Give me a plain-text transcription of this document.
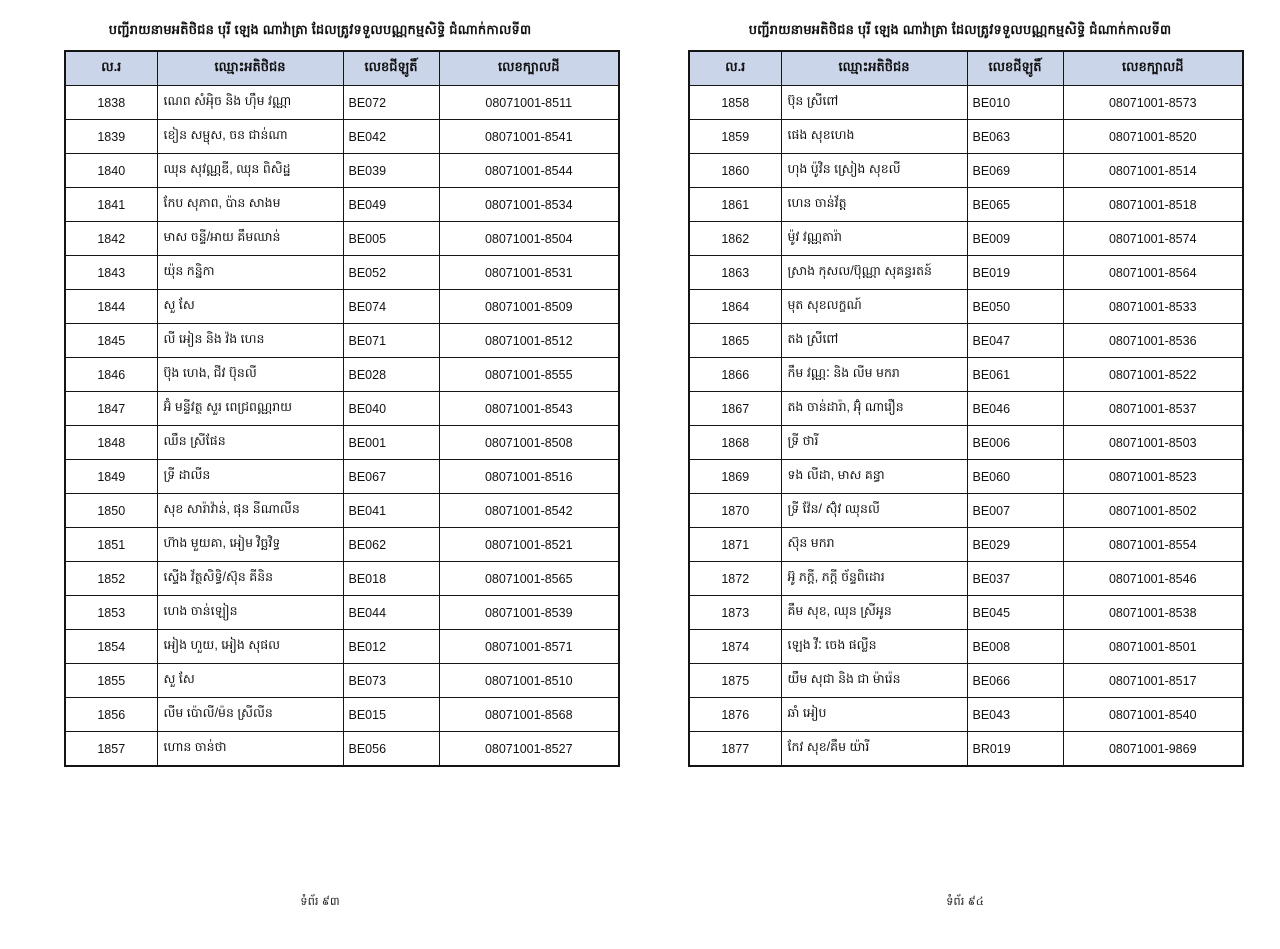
បញ្ជីរាយនាមអតិថិជន បុរី ឡេង ណាវ៉ាត្រា ដែលត្រូវទទួលបណ្ណកម្មសិទ្ធិ ជំណាក់កាលទី៣
ល.រ	ឈ្មោះអតិថិជន	លេខជីឡូតិ៍	លេខក្បាលដី
1838	ណេព សំអុិច និង ហុឹម វណ្ណា	BE072	08071001-8511
1839	ខៀន សម្ផុស, ចន ជាន់ណា	BE042	08071001-8541
1840	ឈុន សុវណ្ណឌី, ឈុន ពិសិដ្ឋ	BE039	08071001-8544
1841	កែប សុភាព, ប៉ាន សាងម	BE049	08071001-8534
1842	មាស ចន្ទី/អាយ គឹមឈាន់	BE005	08071001-8504
1843	យ៉ុន កន្និកា	BE052	08071001-8531
1844	សួ សែ	BE074	08071001-8509
1845	លី អៀន និង វ៉ង ហេន	BE071	08071001-8512
1846	ប៊ុង ហេង, ជីវ ប៊ុនលី	BE028	08071001-8555
1847	អ៊ំ មន្ទីវត្ថ សួរ ពេជ្រពណ្ណរាយ	BE040	08071001-8543
1848	ឈឹន ស្រីផែន	BE001	08071001-8508
1849	ទ្រី ដាលីន	BE067	08071001-8516
1850	សុខ សារ៉ាវ៉ាន់, ផុន នីណាលីន	BE041	08071001-8542
1851	ហ៊ាង មួយគា, អៀម វិច្ឆវិទ្ធ	BE062	08071001-8521
1852	ស្ទើង វ័ត្ថសិទ្ធិ/ស៊ុន គីនិន	BE018	08071001-8565
1853	ហេង ចាន់ឡៀន	BE044	08071001-8539
1854	អៀង ហួយ, អៀង សុផល	BE012	08071001-8571
1855	សួ សែ	BE073	08071001-8510
1856	លីម ប៉ោលី/ម៉ន ស្រីលីន	BE015	08071001-8568
1857	ហោន ចាន់ថា	BE056	08071001-8527
ទំព័រ ៩៣
បញ្ជីរាយនាមអតិថិជន បុរី ឡេង ណាវ៉ាត្រា ដែលត្រូវទទួលបណ្ណកម្មសិទ្ធិ ជំណាក់កាលទី៣
ល.រ	ឈ្មោះអតិថិជន	លេខជីឡូតិ៍	លេខក្បាលដី
1858	ប៊ុន ស្រីពៅ	BE010	08071001-8573
1859	ផេង សុខហេង	BE063	08071001-8520
1860	ហុង ប៉ូវិន ស្រៀង សុខលី	BE069	08071001-8514
1861	ហេន ចាន់វ័ត្ត	BE065	08071001-8518
1862	ម៉ូវ វណ្ណតារ៉ា	BE009	08071001-8574
1863	ស្រាង កុសល/ប៊ុណ្ណា សុគន្ធរតន៍	BE019	08071001-8564
1864	មុត សុខលក្ខណ៍	BE050	08071001-8533
1865	តង ស្រីពៅ	BE047	08071001-8536
1866	កឹម វណ្ណៈ និង លីម មករា	BE061	08071001-8522
1867	តង ចាន់ដារ៉ា, អ៊ុំ ណារឿន	BE046	08071001-8537
1868	ទ្រី ថារី	BE006	08071001-8503
1869	ទង លីដា, មាស គន្ធា	BE060	08071001-8523
1870	ទ្រី វ៉ែន/ ស៊ុំវ ឈុនលី	BE007	08071001-8502
1871	ស៊ុន មករា	BE029	08071001-8554
1872	អ៊ូ ភក្តី, ភក្តី ច័ន្ទពិដោរ	BE037	08071001-8546
1873	គឹម សុខ, ឈុន ស្រីអូន	BE045	08071001-8538
1874	ឡេង វីៈ ចេង ផល្លីន	BE008	08071001-8501
1875	យឹម សុជា និង ជា ម៉ារ៉េន	BE066	08071001-8517
1876	ឆាំ អៀប	BE043	08071001-8540
1877	កែវ សុខ/គឹម យ៉ារី	BR019	08071001-9869
ទំព័រ ៩៤
